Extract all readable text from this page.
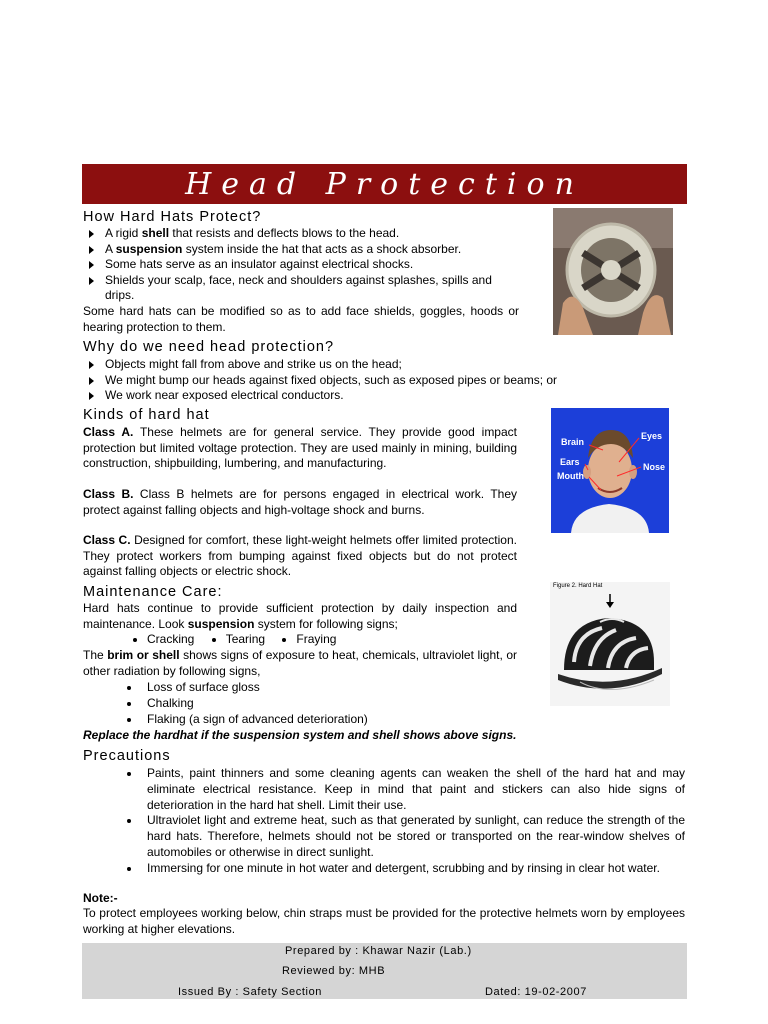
Head Protection
How Hard Hats Protect?
A rigid shell that resists and deflects blows to the head.
A suspension system inside the hat that acts as a shock absorber.
Some hats serve as an insulator against electrical shocks.
Shields your scalp, face, neck and shoulders against splashes, spills and drips.
Some hard hats can be modified so as to add face shields, goggles, hoods or hearing protection to them.
Why do we need head protection?
Objects might fall from above and strike us on the head;
We might bump our heads against fixed objects, such as exposed pipes or beams; or
We work near exposed electrical conductors.
Kinds of hard hat
Class A. These helmets are for general service. They provide good impact protection but limited voltage protection. They are used mainly in mining, building construction, shipbuilding, lumbering, and manufacturing.
Class B. Class B helmets are for persons engaged in electrical work. They protect against falling objects and high-voltage shock and burns.
Class C. Designed for comfort, these light-weight helmets offer limited protection. They protect workers from bumping against fixed objects but do not protect against falling objects or electric shock.
Brain
Ears
Mouth
Eyes
Nose
Maintenance Care:
Hard hats continue to provide sufficient protection by daily inspection and maintenance. Look suspension system for following signs;
Cracking	Tearing	Fraying
The brim or shell shows signs of exposure to heat, chemicals, ultraviolet light, or other radiation by following signs,
Loss of surface gloss
Chalking
Flaking (a sign of advanced deterioration)
Replace the hardhat if the suspension system and shell shows above signs.
Figure 2. Hard Hat
Precautions
Paints, paint thinners and some cleaning agents can weaken the shell of the hard hat and may eliminate electrical resistance. Keep in mind that paint and stickers can also hide signs of deterioration in the hard hat shell. Limit their use.
Ultraviolet light and extreme heat, such as that generated by sunlight, can reduce the strength of the hard hats. Therefore, helmets should not be stored or transported on the rear-window shelves of automobiles or otherwise in direct sunlight.
Immersing for one minute in hot water and detergent, scrubbing and by rinsing in clear hot water.
Note:-
To protect employees working below, chin straps must be provided for the protective helmets worn by employees working at higher elevations.
Prepared by : Khawar Nazir (Lab.)
Reviewed by: MHB
Issued By : Safety Section	Dated: 19-02-2007
